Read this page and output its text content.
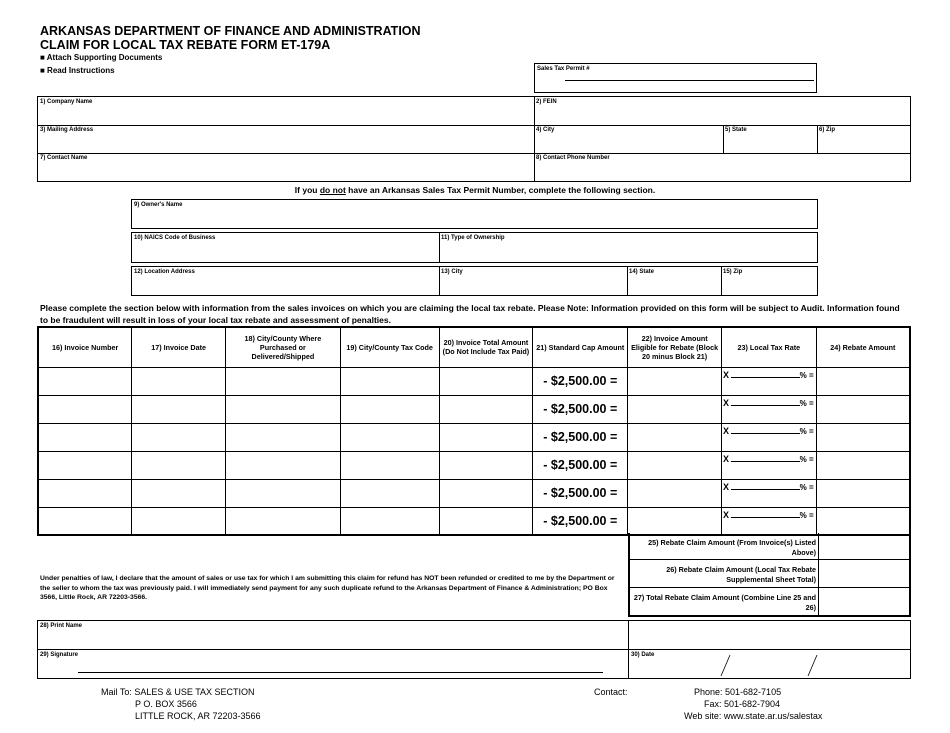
ARKANSAS DEPARTMENT OF FINANCE AND ADMINISTRATION
CLAIM FOR LOCAL TAX REBATE FORM ET-179A
■ Attach Supporting Documents
■ Read Instructions	Sales Tax Permit #
1) Company Name	2) FEIN
3) Mailing Address	4) City	5) State	6) Zip
7) Contact Name	8) Contact Phone Number
If you do not have an Arkansas Sales Tax Permit Number, complete the following section.
9) Owner's Name
10) NAICS Code of Business	11) Type of Ownership
12) Location Address	13) City	14) State	15) Zip
Please complete the section below with information from the sales invoices on which you are claiming the local tax rebate. Please Note: Information provided on this form will be subject to Audit. Information found to be fraudulent will result in loss of your local tax rebate and assessment of penalties.
16) Invoice Number	17) Invoice Date	18) City/County Where Purchased or Delivered/Shipped	19) City/County Tax Code	20) Invoice Total Amount (Do Not Include Tax Paid)	21) Standard Cap Amount	22) Invoice Amount Eligible for Rebate (Block 20 minus Block 21)	23) Local Tax Rate	24) Rebate Amount
					- $2,500.00 =		X % =	

					- $2,500.00 =		X % =	

					- $2,500.00 =		X % =	

					- $2,500.00 =		X % =	

					- $2,500.00 =		X % =	

					- $2,500.00 =		X % =	

25) Rebate Claim Amount (From Invoice(s) Listed Above)
26) Rebate Claim Amount (Local Tax Rebate Supplemental Sheet Total)
27) Total Rebate Claim Amount (Combine Line 25 and 26)
Under penalties of law, I declare that the amount of sales or use tax for which I am submitting this claim for refund has NOT been refunded or credited to me by the Department or the seller to whom the tax was previously paid. I will immediately send payment for any such duplicate refund to the Arkansas Department of Finance & Administration; PO Box 3566, Little Rock, AR 72203-3566.
28) Print Name
29) Signature	30) Date
Mail To: SALES & USE TAX SECTION
P O. BOX 3566
LITTLE ROCK, AR 72203-3566
Contact:	Phone: 501-682-7105
Fax: 501-682-7904
Web site: www.state.ar.us/salestax
